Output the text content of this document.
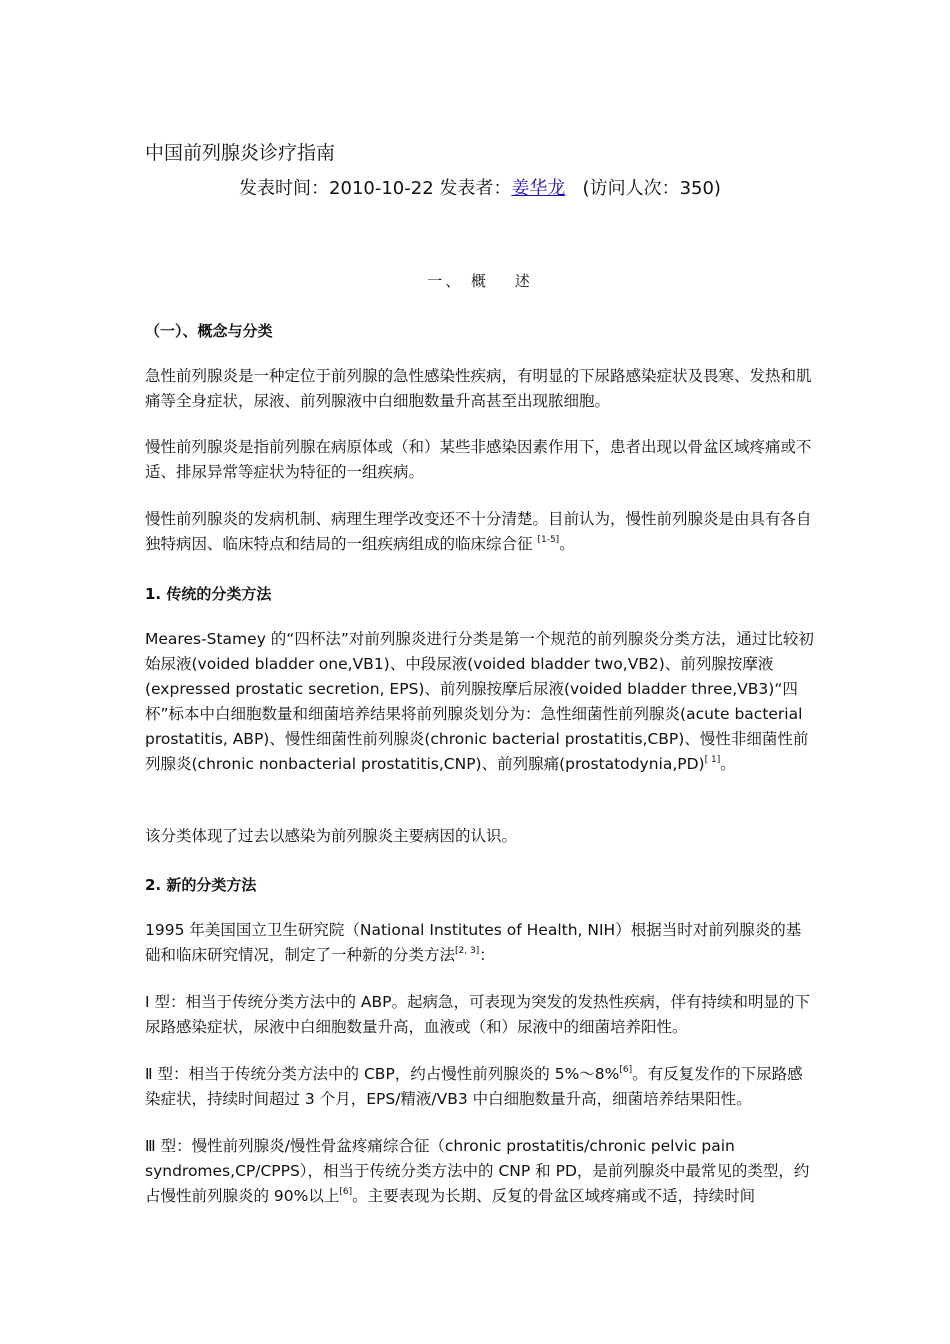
中国前列腺炎诊疗指南
发表时间：2010-10-22 发表者：姜华龙 (访问人次：350)
一、 概　 述
（一）、概念与分类
急性前列腺炎是一种定位于前列腺的急性感染性疾病，有明显的下尿路感染症状及畏寒、发热和肌痛等全身症状，尿液、前列腺液中白细胞数量升高甚至出现脓细胞。
慢性前列腺炎是指前列腺在病原体或（和）某些非感染因素作用下，患者出现以骨盆区域疼痛或不适、排尿异常等症状为特征的一组疾病。
慢性前列腺炎的发病机制、病理生理学改变还不十分清楚。目前认为，慢性前列腺炎是由具有各自独特病因、临床特点和结局的一组疾病组成的临床综合征 [1-5]。
1. 传统的分类方法
Meares-Stamey 的“四杯法”对前列腺炎进行分类是第一个规范的前列腺炎分类方法，通过比较初始尿液(voided bladder one,VB1)、中段尿液(voided bladder two,VB2)、前列腺按摩液(expressed prostatic secretion, EPS)、前列腺按摩后尿液(voided bladder three,VB3)“四杯”标本中白细胞数量和细菌培养结果将前列腺炎划分为：急性细菌性前列腺炎(acute bacterial prostatitis, ABP)、慢性细菌性前列腺炎(chronic bacterial prostatitis,CBP)、慢性非细菌性前列腺炎(chronic nonbacterial prostatitis,CNP)、前列腺痛(prostatodynia,PD)[ 1]。
该分类体现了过去以感染为前列腺炎主要病因的认识。
2. 新的分类方法
1995 年美国国立卫生研究院（National Institutes of Health, NIH）根据当时对前列腺炎的基础和临床研究情况，制定了一种新的分类方法[2, 3]：
Ⅰ 型：相当于传统分类方法中的 ABP。起病急，可表现为突发的发热性疾病，伴有持续和明显的下尿路感染症状，尿液中白细胞数量升高，血液或（和）尿液中的细菌培养阳性。
Ⅱ 型：相当于传统分类方法中的 CBP，约占慢性前列腺炎的 5%～8%[6]。有反复发作的下尿路感染症状，持续时间超过 3 个月，EPS/精液/VB3 中白细胞数量升高，细菌培养结果阳性。
Ⅲ 型：慢性前列腺炎/慢性骨盆疼痛综合征（chronic prostatitis/chronic pelvic pain syndromes,CP/CPPS），相当于传统分类方法中的 CNP 和 PD，是前列腺炎中最常见的类型，约占慢性前列腺炎的 90%以上[6]。主要表现为长期、反复的骨盆区域疼痛或不适，持续时间
